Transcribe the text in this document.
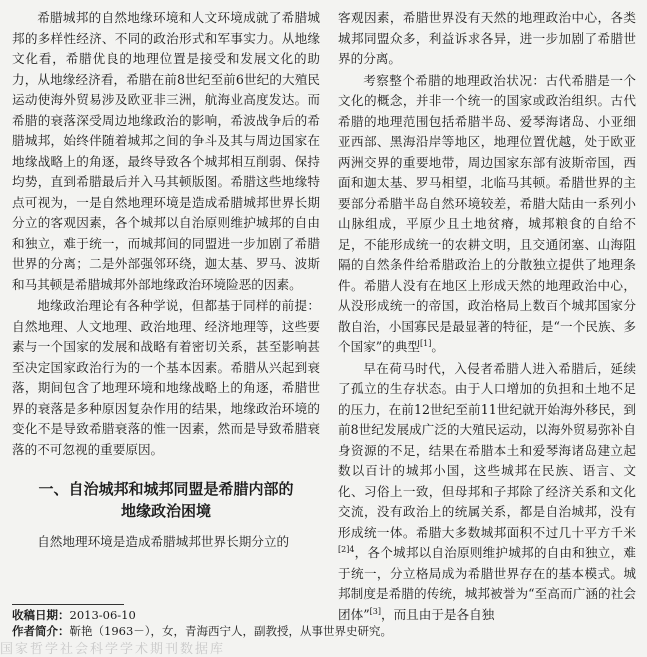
希腊城邦的自然地缘环境和人文环境成就了希腊城邦的多样性经济、不同的政治形式和军事实力。从地缘文化看，希腊优良的地理位置是接受和发展文化的助力，从地缘经济看，希腊在前8世纪至前6世纪的大殖民运动使海外贸易涉及欧亚非三洲，航海业高度发达。而希腊的衰落深受周边地缘政治的影响，希波战争后的希腊城邦，始终伴随着城邦之间的争斗及其与周边国家在地缘战略上的角逐，最终导致各个城邦相互削弱、保持均势，直到希腊最后并入马其顿版图。希腊这些地缘特点可视为，一是自然地理环境是造成希腊城邦世界长期分立的客观因素，各个城邦以自治原则维护城邦的自由和独立，难于统一，而城邦间的同盟进一步加剧了希腊世界的分离；二是外部强邻环绕，迦太基、罗马、波斯和马其顿是希腊城邦外部地缘政治环境险恶的因素。

地缘政治理论有各种学说，但都基于同样的前提：自然地理、人文地理、政治地理、经济地理等，这些要素与一个国家的发展和战略有着密切关系，甚至影响甚至决定国家政治行为的一个基本因素。希腊从兴起到衰落，期间包含了地理环境和地缘战略上的角逐，希腊世界的衰落是多种原因复杂作用的结果，地缘政治环境的变化不是导致希腊衰落的惟一因素，然而是导致希腊衰落的不可忽视的重要原因。

一、自治城邦和城邦同盟是希腊内部的
地缘政治困境

自然地理环境是造成希腊城邦世界长期分立的

客观因素，希腊世界没有天然的地理政治中心，各类城邦同盟众多，利益诉求各异，进一步加剧了希腊世界的分离。

考察整个希腊的地理政治状况：古代希腊是一个文化的概念，并非一个统一的国家或政治组织。古代希腊的地理范围包括希腊半岛、爱琴海诸岛、小亚细亚西部、黑海沿岸等地区，地理位置优越，处于欧亚两洲交界的重要地带，周边国家东部有波斯帝国，西面和迦太基、罗马相望，北临马其顿。希腊世界的主要部分希腊半岛自然环境较差，希腊大陆由一系列小山脉组成，平原少且土地贫瘠，城邦粮食的自给不足，不能形成统一的农耕文明，且交通闭塞、山海阻隔的自然条件给希腊政治上的分散独立提供了地理条件。希腊人没有在地区上形成天然的地理政治中心，从没形成统一的帝国，政治格局上数百个城邦国家分散自治，小国寡民是最显著的特征，是“一个民族、多个国家”的典型[1]。

早在荷马时代，入侵者希腊人进入希腊后，延续了孤立的生存状态。由于人口增加的负担和土地不足的压力，在前12世纪至前11世纪就开始海外移民，到前8世纪发展成广泛的大殖民运动，以海外贸易弥补自身资源的不足，结果在希腊本土和爱琴海诸岛建立起数以百计的城邦小国，这些城邦在民族、语言、文化、习俗上一致，但母邦和子邦除了经济关系和文化交流，没有政治上的统属关系，都是自治城邦，没有形成统一体。希腊大多数城邦面积不过几十平方千米$^{[2]4}$，各个城邦以自治原则维护城邦的自由和独立，难于统一，分立格局成为希腊世界存在的基本模式。城邦制度是希腊的传统，城邦被誉为“至高而广涵的社会团体”[3]，而且由于是各自独

收稿日期：2013-06-10
作者简介：靳艳（1963－），女，青海西宁人，副教授，从事世界史研究。
国家哲学社会科学学术期刊数据库
